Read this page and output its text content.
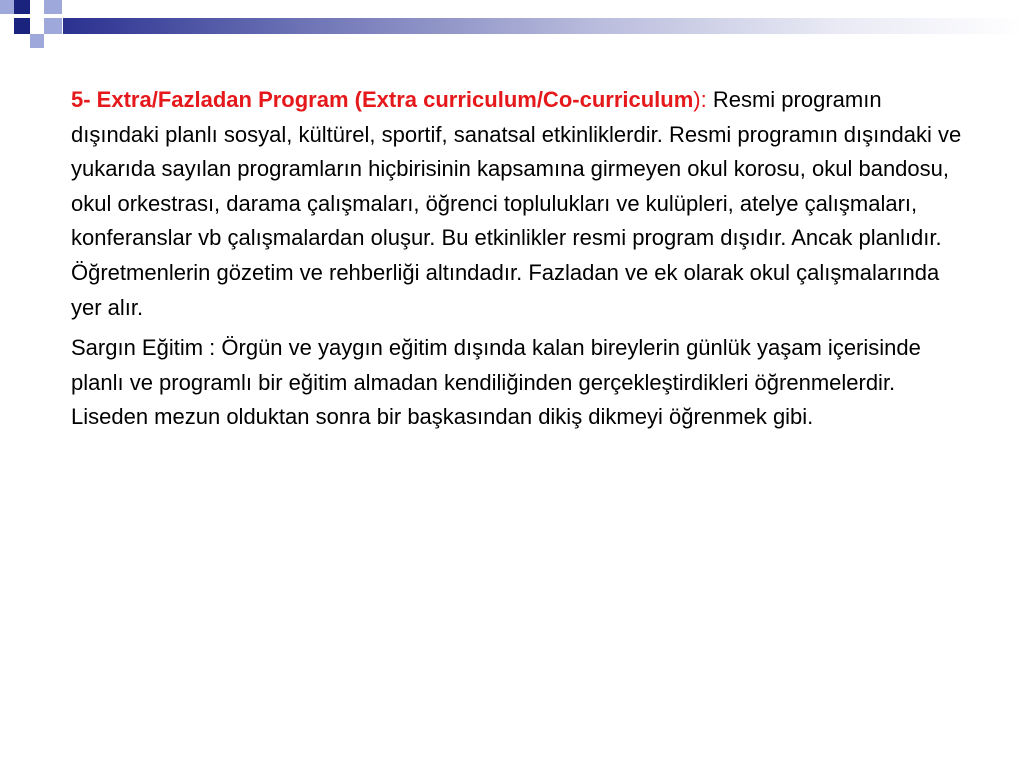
5- Extra/Fazladan Program (Extra curriculum/Co-curriculum): Resmi programın dışındaki planlı sosyal, kültürel, sportif, sanatsal etkinliklerdir. Resmi programın dışındaki ve yukarıda sayılan programların hiçbirisinin kapsamına girmeyen okul korosu, okul bandosu, okul orkestrası, darama çalışmaları, öğrenci toplulukları ve kulüpleri, atelye çalışmaları, konferanslar vb çalışmalardan oluşur. Bu etkinlikler resmi program dışıdır. Ancak planlıdır. Öğretmenlerin gözetim ve rehberliği altındadır. Fazladan ve ek olarak okul çalışmalarında yer alır.

Sargın Eğitim : Örgün ve yaygın eğitim dışında kalan bireylerin günlük yaşam içerisinde planlı ve programlı bir eğitim almadan kendiliğinden gerçekleştirdikleri öğrenmelerdir. Liseden mezun olduktan sonra bir başkasından dikiş dikmeyi öğrenmek gibi.
